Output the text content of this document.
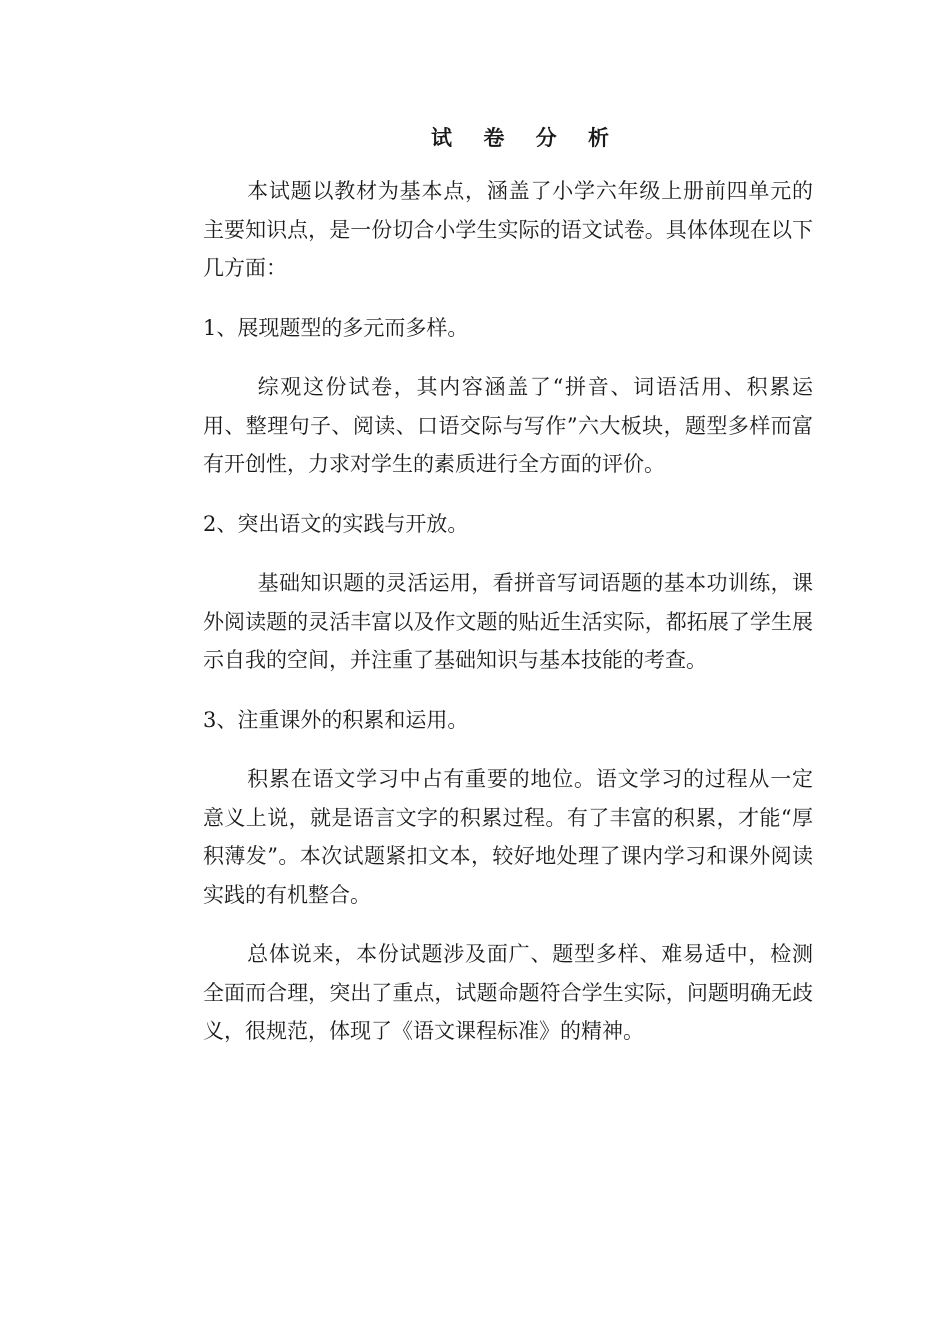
试 卷 分 析

本试题以教材为基本点，涵盖了小学六年级上册前四单元的主要知识点，是一份切合小学生实际的语文试卷。具体体现在以下几方面：

1、展现题型的多元而多样。

综观这份试卷，其内容涵盖了“拼音、词语活用、积累运用、整理句子、阅读、口语交际与写作”六大板块，题型多样而富有开创性，力求对学生的素质进行全方面的评价。

2、突出语文的实践与开放。

基础知识题的灵活运用，看拼音写词语题的基本功训练，课外阅读题的灵活丰富以及作文题的贴近生活实际，都拓展了学生展示自我的空间，并注重了基础知识与基本技能的考查。

3、注重课外的积累和运用。

积累在语文学习中占有重要的地位。语文学习的过程从一定意义上说，就是语言文字的积累过程。有了丰富的积累，才能“厚积薄发”。本次试题紧扣文本，较好地处理了课内学习和课外阅读实践的有机整合。

总体说来，本份试题涉及面广、题型多样、难易适中，检测全面而合理，突出了重点，试题命题符合学生实际，问题明确无歧义，很规范，体现了《语文课程标准》的精神。
